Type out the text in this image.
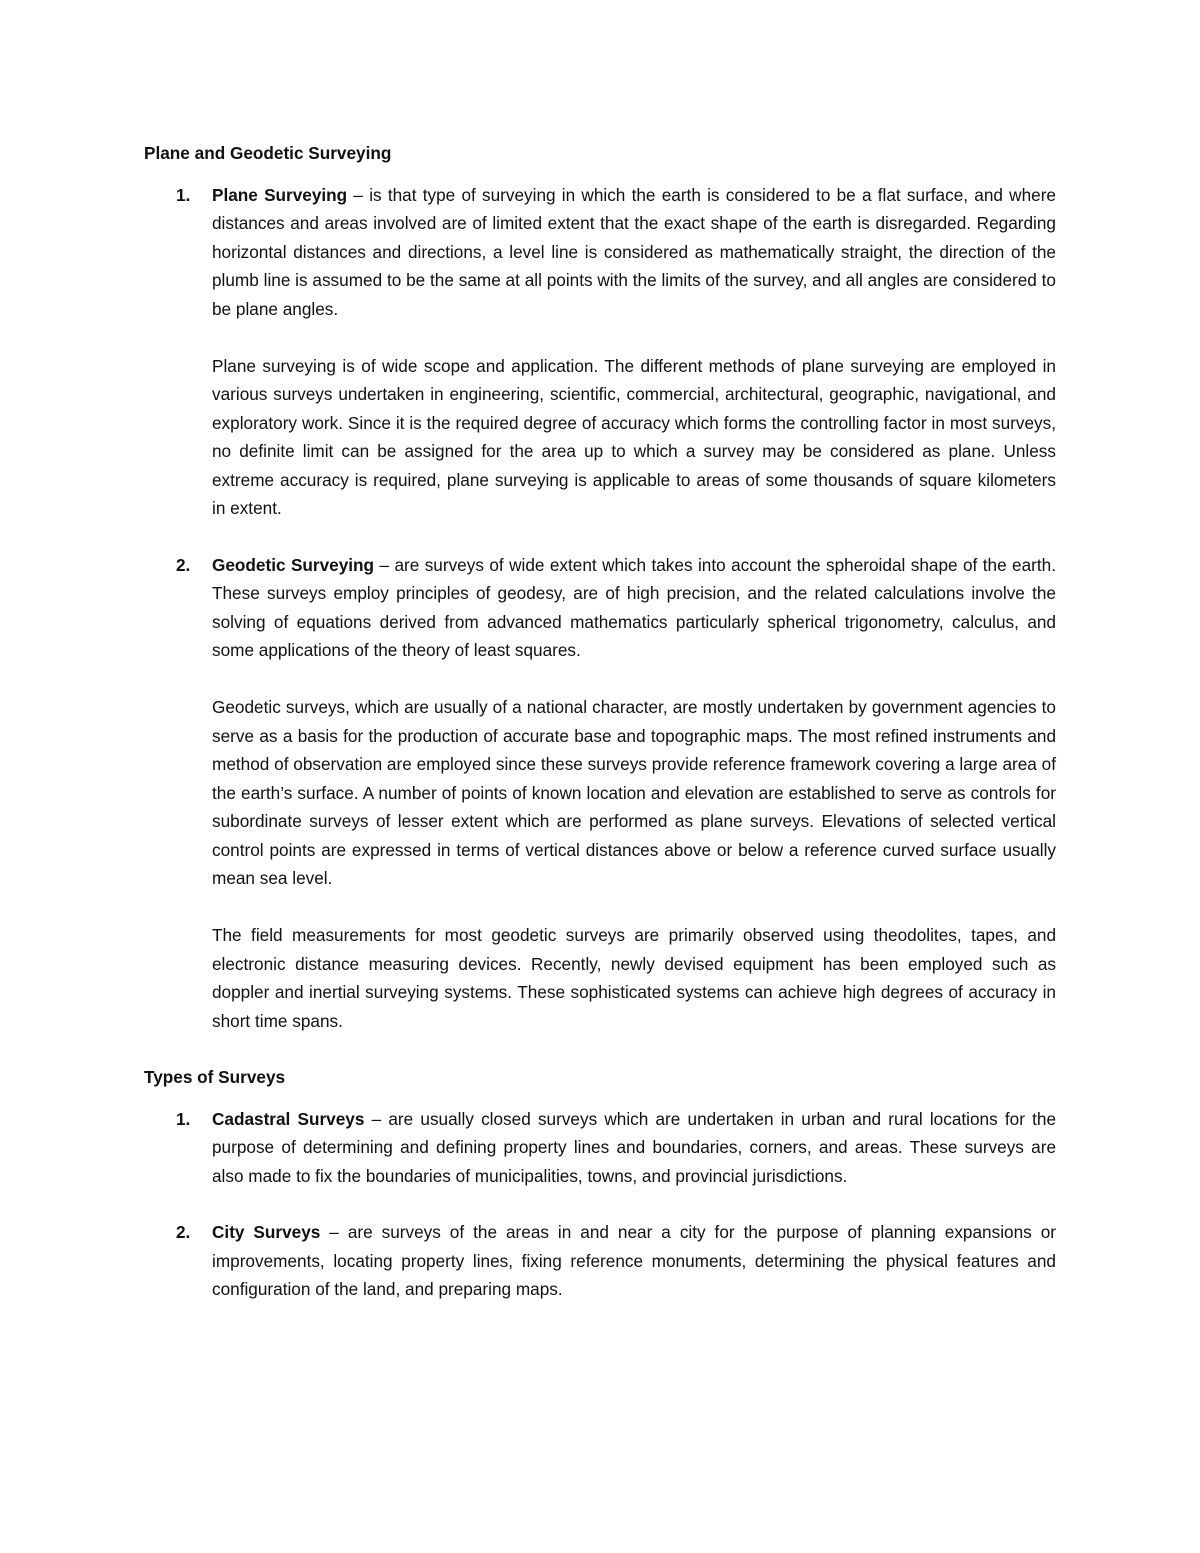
Plane and Geodetic Surveying

1. Plane Surveying – is that type of surveying in which the earth is considered to be a flat surface, and where distances and areas involved are of limited extent that the exact shape of the earth is disregarded. Regarding horizontal distances and directions, a level line is considered as mathematically straight, the direction of the plumb line is assumed to be the same at all points with the limits of the survey, and all angles are considered to be plane angles.

Plane surveying is of wide scope and application. The different methods of plane surveying are employed in various surveys undertaken in engineering, scientific, commercial, architectural, geographic, navigational, and exploratory work. Since it is the required degree of accuracy which forms the controlling factor in most surveys, no definite limit can be assigned for the area up to which a survey may be considered as plane. Unless extreme accuracy is required, plane surveying is applicable to areas of some thousands of square kilometers in extent.

2. Geodetic Surveying – are surveys of wide extent which takes into account the spheroidal shape of the earth. These surveys employ principles of geodesy, are of high precision, and the related calculations involve the solving of equations derived from advanced mathematics particularly spherical trigonometry, calculus, and some applications of the theory of least squares.

Geodetic surveys, which are usually of a national character, are mostly undertaken by government agencies to serve as a basis for the production of accurate base and topographic maps. The most refined instruments and method of observation are employed since these surveys provide reference framework covering a large area of the earth’s surface. A number of points of known location and elevation are established to serve as controls for subordinate surveys of lesser extent which are performed as plane surveys. Elevations of selected vertical control points are expressed in terms of vertical distances above or below a reference curved surface usually mean sea level.

The field measurements for most geodetic surveys are primarily observed using theodolites, tapes, and electronic distance measuring devices. Recently, newly devised equipment has been employed such as doppler and inertial surveying systems. These sophisticated systems can achieve high degrees of accuracy in short time spans.

Types of Surveys

1. Cadastral Surveys – are usually closed surveys which are undertaken in urban and rural locations for the purpose of determining and defining property lines and boundaries, corners, and areas. These surveys are also made to fix the boundaries of municipalities, towns, and provincial jurisdictions.

2. City Surveys – are surveys of the areas in and near a city for the purpose of planning expansions or improvements, locating property lines, fixing reference monuments, determining the physical features and configuration of the land, and preparing maps.
